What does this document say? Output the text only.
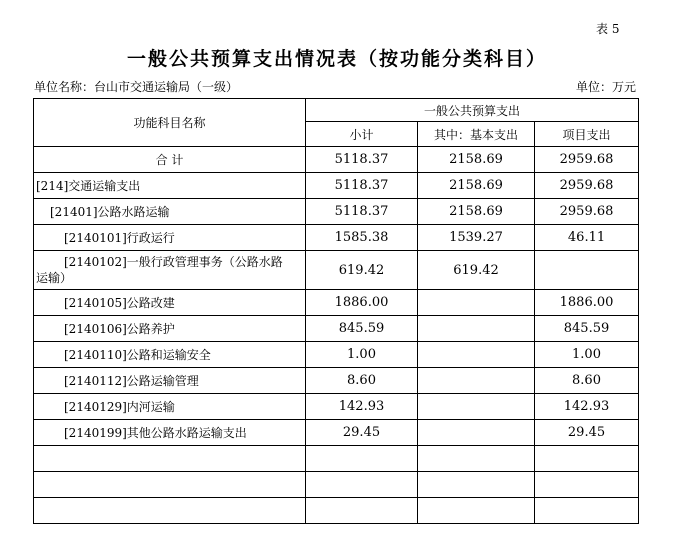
表 5
一般公共预算支出情况表（按功能分类科目）
单位名称：台山市交通运输局（一级）	单位：万元
功能科目名称	一般公共预算支出		
	小计	其中：基本支出	项目支出
合 计	5118.37	2158.69	2959.68
[214]交通运输支出	5118.37	2158.69	2959.68
[21401]公路水路运输	5118.37	2158.69	2959.68
[2140101]行政运行	1585.38	1539.27	46.11

[2140102]一般行政管理事务（公路水路
运输）	619.42	619.42	
[2140105]公路改建	1886.00		1886.00
[2140106]公路养护	845.59		845.59
[2140110]公路和运输安全	1.00		1.00
[2140112]公路运输管理	8.60		8.60
[2140129]内河运输	142.93		142.93
[2140199]其他公路水路运输支出	29.45		29.45
